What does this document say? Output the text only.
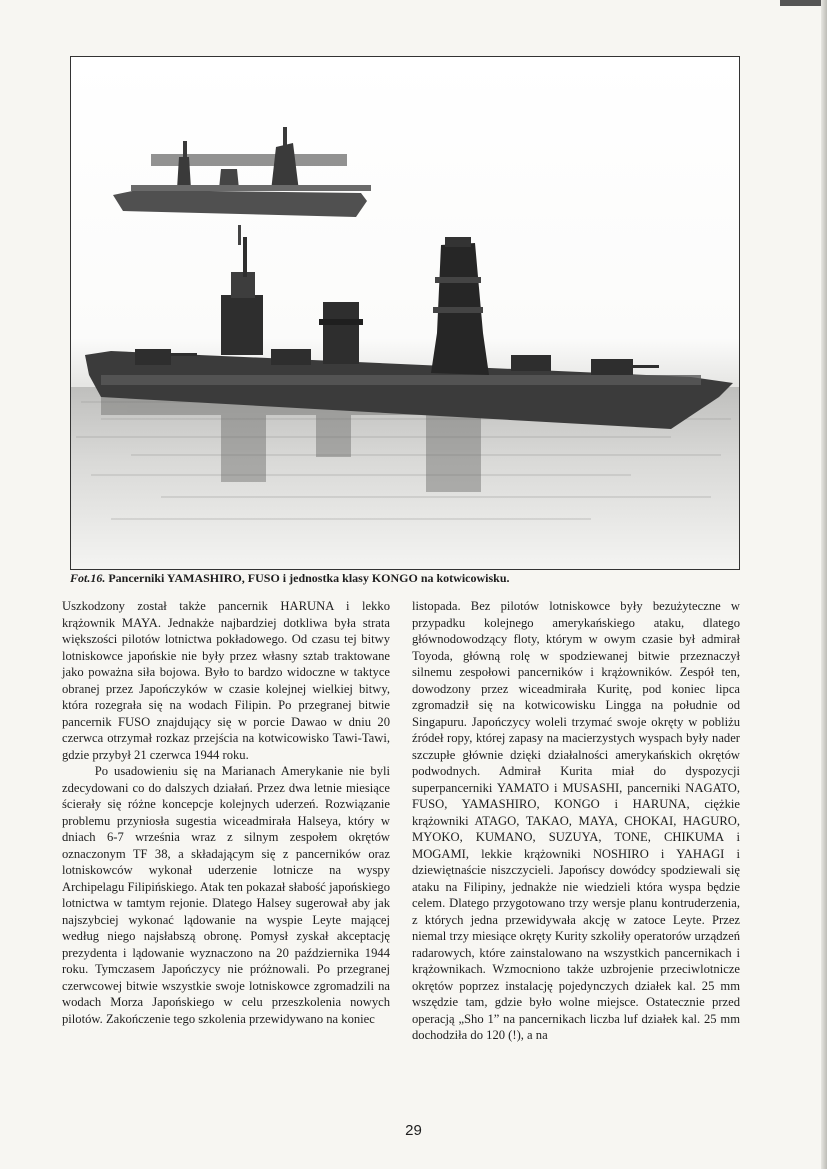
Fot.16. Pancerniki YAMASHIRO, FUSO i jednostka klasy KONGO na kotwicowisku.

Uszkodzony został także pancernik HARUNA i lekko krążownik MAYA. Jednakże najbardziej dotkliwa była strata większości pilotów lotnictwa pokładowego. Od czasu tej bitwy lotniskowce japońskie nie były przez własny sztab traktowane jako poważna siła bojowa. Było to bardzo widoczne w taktyce obranej przez Japończyków w czasie kolejnej wielkiej bitwy, która rozegrała się na wodach Filipin. Po przegranej bitwie pancernik FUSO znajdujący się w porcie Dawao w dniu 20 czerwca otrzymał rozkaz przejścia na kotwicowisko Tawi-Tawi, gdzie przybył 21 czerwca 1944 roku.

Po usadowieniu się na Marianach Amerykanie nie byli zdecydowani co do dalszych działań. Przez dwa letnie miesiące ścierały się różne koncepcje kolejnych uderzeń. Rozwiązanie problemu przyniosła sugestia wiceadmirała Halseya, który w dniach 6-7 września wraz z silnym zespołem okrętów oznaczonym TF 38, a składającym się z pancerników oraz lotniskowców wykonał uderzenie lotnicze na wyspy Archipelagu Filipińskiego. Atak ten pokazał słabość japońskiego lotnictwa w tamtym rejonie. Dlatego Halsey sugerował aby jak najszybciej wykonać lądowanie na wyspie Leyte mającej według niego najsłabszą obronę. Pomysł zyskał akceptację prezydenta i lądowanie wyznaczono na 20 października 1944 roku. Tymczasem Japończycy nie próżnowali. Po przegranej czerwcowej bitwie wszystkie swoje lotniskowce zgromadzili na wodach Morza Japońskiego w celu przeszkolenia nowych pilotów. Zakończenie tego szkolenia przewidywano na koniec

listopada. Bez pilotów lotniskowce były bezużyteczne w przypadku kolejnego amerykańskiego ataku, dlatego głównodowodzący floty, którym w owym czasie był admirał Toyoda, główną rolę w spodziewanej bitwie przeznaczył silnemu zespołowi pancerników i krążowników. Zespół ten, dowodzony przez wiceadmirała Kuritę, pod koniec lipca zgromadził się na kotwicowisku Lingga na południe od Singapuru. Japończycy woleli trzymać swoje okręty w pobliżu źródeł ropy, której zapasy na macierzystych wyspach były nader szczupłe głównie dzięki działalności amerykańskich okrętów podwodnych. Admirał Kurita miał do dyspozycji superpancerniki YAMATO i MUSASHI, pancerniki NAGATO, FUSO, YAMASHIRO, KONGO i HARUNA, ciężkie krążowniki ATAGO, TAKAO, MAYA, CHOKAI, HAGURO, MYOKO, KUMANO, SUZUYA, TONE, CHIKUMA i MOGAMI, lekkie krążowniki NOSHIRO i YAHAGI i dziewiętnaście niszczycieli. Japońscy dowódcy spodziewali się ataku na Filipiny, jednakże nie wiedzieli która wyspa będzie celem. Dlatego przygotowano trzy wersje planu kontruderzenia, z których jedna przewidywała akcję w zatoce Leyte. Przez niemal trzy miesiące okręty Kurity szkoliły operatorów urządzeń radarowych, które zainstalowano na wszystkich pancernikach i krążownikach. Wzmocniono także uzbrojenie przeciwlotnicze okrętów poprzez instalację pojedynczych działek kal. 25 mm wszędzie tam, gdzie było wolne miejsce. Ostatecznie przed operacją „Sho 1” na pancernikach liczba luf działek kal. 25 mm dochodziła do 120 (!), a na

29
